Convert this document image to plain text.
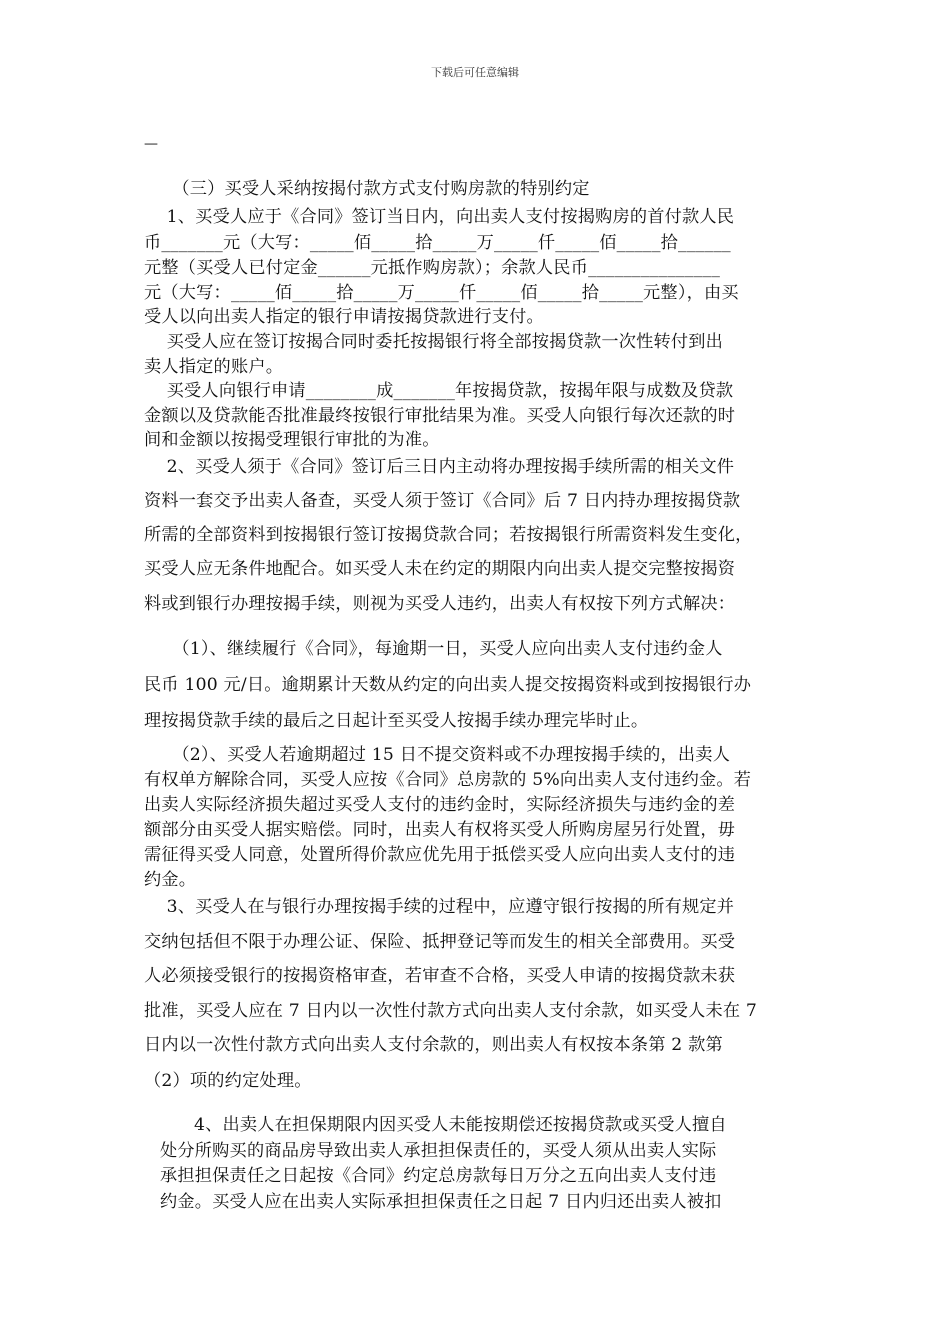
下载后可任意编辑
—
（三）买受人采纳按揭付款方式支付购房款的特别约定
1、买受人应于《合同》签订当日内，向出卖人支付按揭购房的首付款人民
币_______元（大写：_____佰_____拾_____万_____仟_____佰_____拾______
元整（买受人已付定金______元抵作购房款）；余款人民币_______________
元（大写：_____佰_____拾_____万_____仟_____佰_____拾_____元整），由买
受人以向出卖人指定的银行申请按揭贷款进行支付。
买受人应在签订按揭合同时委托按揭银行将全部按揭贷款一次性转付到出
卖人指定的账户。
买受人向银行申请________成_______年按揭贷款，按揭年限与成数及贷款
金额以及贷款能否批准最终按银行审批结果为准。买受人向银行每次还款的时
间和金额以按揭受理银行审批的为准。
2、买受人须于《合同》签订后三日内主动将办理按揭手续所需的相关文件
资料一套交予出卖人备查，买受人须于签订《合同》后 7 日内持办理按揭贷款
所需的全部资料到按揭银行签订按揭贷款合同；若按揭银行所需资料发生变化，
买受人应无条件地配合。如买受人未在约定的期限内向出卖人提交完整按揭资
料或到银行办理按揭手续，则视为买受人违约，出卖人有权按下列方式解决：
（1）、继续履行《合同》，每逾期一日，买受人应向出卖人支付违约金人
民币 100 元/日。逾期累计天数从约定的向出卖人提交按揭资料或到按揭银行办
理按揭贷款手续的最后之日起计至买受人按揭手续办理完毕时止。
（2）、买受人若逾期超过 15 日不提交资料或不办理按揭手续的，出卖人
有权单方解除合同，买受人应按《合同》总房款的 5%向出卖人支付违约金。若
出卖人实际经济损失超过买受人支付的违约金时，实际经济损失与违约金的差
额部分由买受人据实赔偿。同时，出卖人有权将买受人所购房屋另行处置，毋
需征得买受人同意，处置所得价款应优先用于抵偿买受人应向出卖人支付的违
约金。
3、买受人在与银行办理按揭手续的过程中，应遵守银行按揭的所有规定并
交纳包括但不限于办理公证、保险、抵押登记等而发生的相关全部费用。买受
人必须接受银行的按揭资格审查，若审查不合格，买受人申请的按揭贷款未获
批准，买受人应在 7 日内以一次性付款方式向出卖人支付余款，如买受人未在 7
日内以一次性付款方式向出卖人支付余款的，则出卖人有权按本条第 2 款第
（2）项的约定处理。
4、出卖人在担保期限内因买受人未能按期偿还按揭贷款或买受人擅自
处分所购买的商品房导致出卖人承担担保责任的，买受人须从出卖人实际
承担担保责任之日起按《合同》约定总房款每日万分之五向出卖人支付违
约金。买受人应在出卖人实际承担担保责任之日起 7 日内归还出卖人被扣
